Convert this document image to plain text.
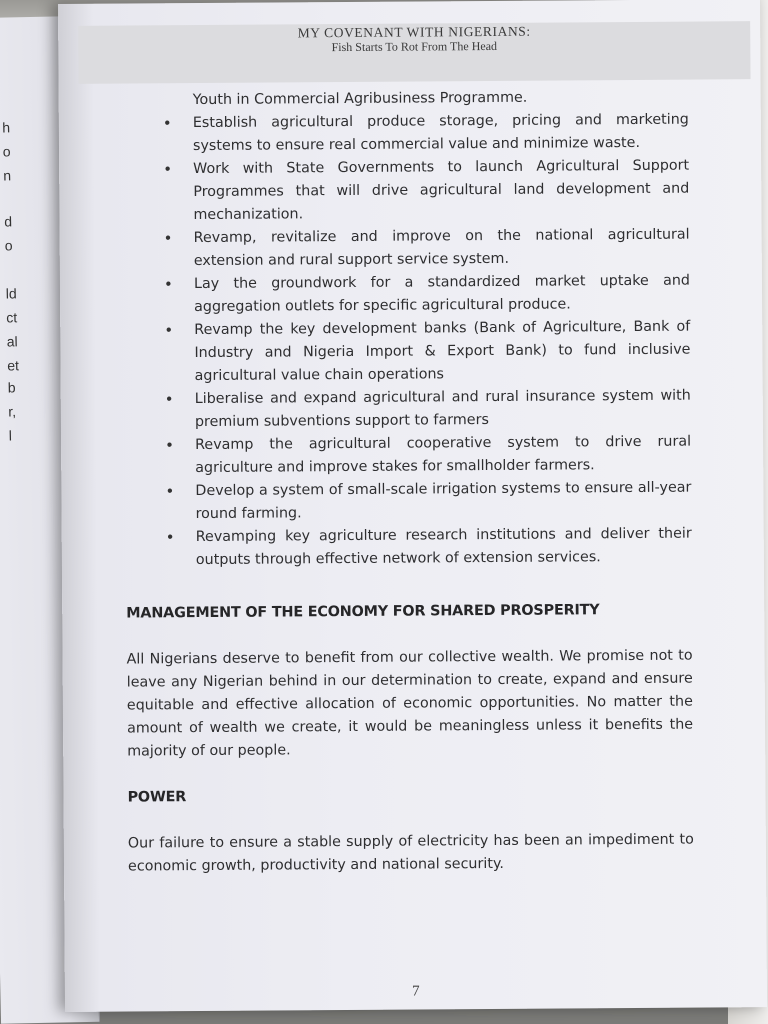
h
o
n
d
o
ld
ct
al
et
b
r,
l
MY COVENANT WITH NIGERIANS:
Fish Starts To Rot From The Head
Youth in Commercial Agribusiness Programme.
• Establish agricultural produce storage, pricing and marketing systems to ensure real commercial value and minimize waste.
• Work with State Governments to launch Agricultural Support Programmes that will drive agricultural land development and mechanization.
• Revamp, revitalize and improve on the national agricultural extension and rural support service system.
• Lay the groundwork for a standardized market uptake and aggregation outlets for specific agricultural produce.
• Revamp the key development banks (Bank of Agriculture, Bank of Industry and Nigeria Import & Export Bank) to fund inclusive agricultural value chain operations
• Liberalise and expand agricultural and rural insurance system with premium subventions support to farmers
• Revamp the agricultural cooperative system to drive rural agriculture and improve stakes for smallholder farmers.
• Develop a system of small-scale irrigation systems to ensure all-year round farming.
• Revamping key agriculture research institutions and deliver their outputs through effective network of extension services.
MANAGEMENT OF THE ECONOMY FOR SHARED PROSPERITY
All Nigerians deserve to benefit from our collective wealth. We promise not to leave any Nigerian behind in our determination to create, expand and ensure equitable and effective allocation of economic opportunities. No matter the amount of wealth we create, it would be meaningless unless it benefits the majority of our people.
POWER
Our failure to ensure a stable supply of electricity has been an impediment to economic growth, productivity and national security.
7
